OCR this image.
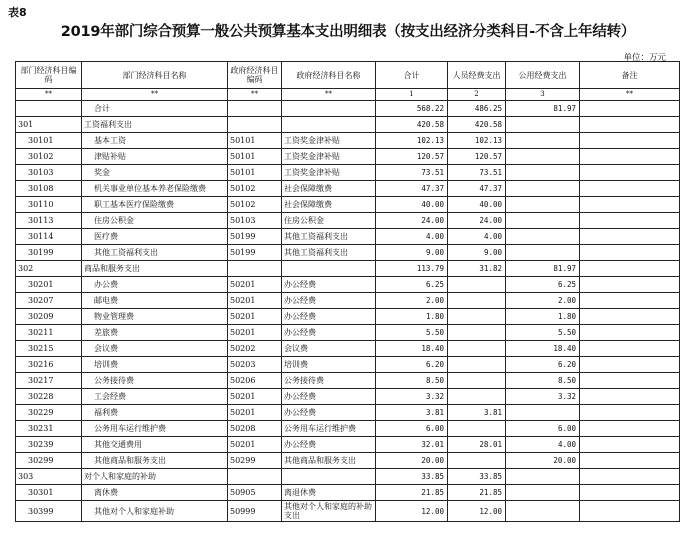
表8
2019年部门综合预算一般公共预算基本支出明细表（按支出经济分类科目-不含上年结转）
单位：万元
部门经济科目编码	部门经济科目名称	政府经济科目编码	政府经济科目名称	合计	人员经费支出	公用经费支出	备注
**	**	**	**	1	2	3	**
	合计			568.22	486.25	81.97	
301	工资福利支出			420.58	420.58		
30101	基本工资	50101	工资奖金津补贴	102.13	102.13		
30102	津贴补贴	50101	工资奖金津补贴	120.57	120.57		
30103	奖金	50101	工资奖金津补贴	73.51	73.51		
30108	机关事业单位基本养老保险缴费	50102	社会保障缴费	47.37	47.37		
30110	职工基本医疗保险缴费	50102	社会保障缴费	40.00	40.00		
30113	住房公积金	50103	住房公积金	24.00	24.00		
30114	医疗费	50199	其他工资福利支出	4.00	4.00		
30199	其他工资福利支出	50199	其他工资福利支出	9.00	9.00		
302	商品和服务支出			113.79	31.82	81.97	
30201	办公费	50201	办公经费	6.25		6.25	
30207	邮电费	50201	办公经费	2.00		2.00	
30209	物业管理费	50201	办公经费	1.80		1.80	
30211	差旅费	50201	办公经费	5.50		5.50	
30215	会议费	50202	会议费	18.40		18.40	
30216	培训费	50203	培训费	6.20		6.20	
30217	公务接待费	50206	公务接待费	8.50		8.50	
30228	工会经费	50201	办公经费	3.32		3.32	
30229	福利费	50201	办公经费	3.81	3.81		
30231	公务用车运行维护费	50208	公务用车运行维护费	6.00		6.00	
30239	其他交通费用	50201	办公经费	32.01	28.01	4.00	
30299	其他商品和服务支出	50299	其他商品和服务支出	20.00		20.00	
303	对个人和家庭的补助			33.85	33.85		
30301	离休费	50905	离退休费	21.85	21.85		
30399	其他对个人和家庭补助	50999	其他对个人和家庭的补助支出	12.00	12.00		
